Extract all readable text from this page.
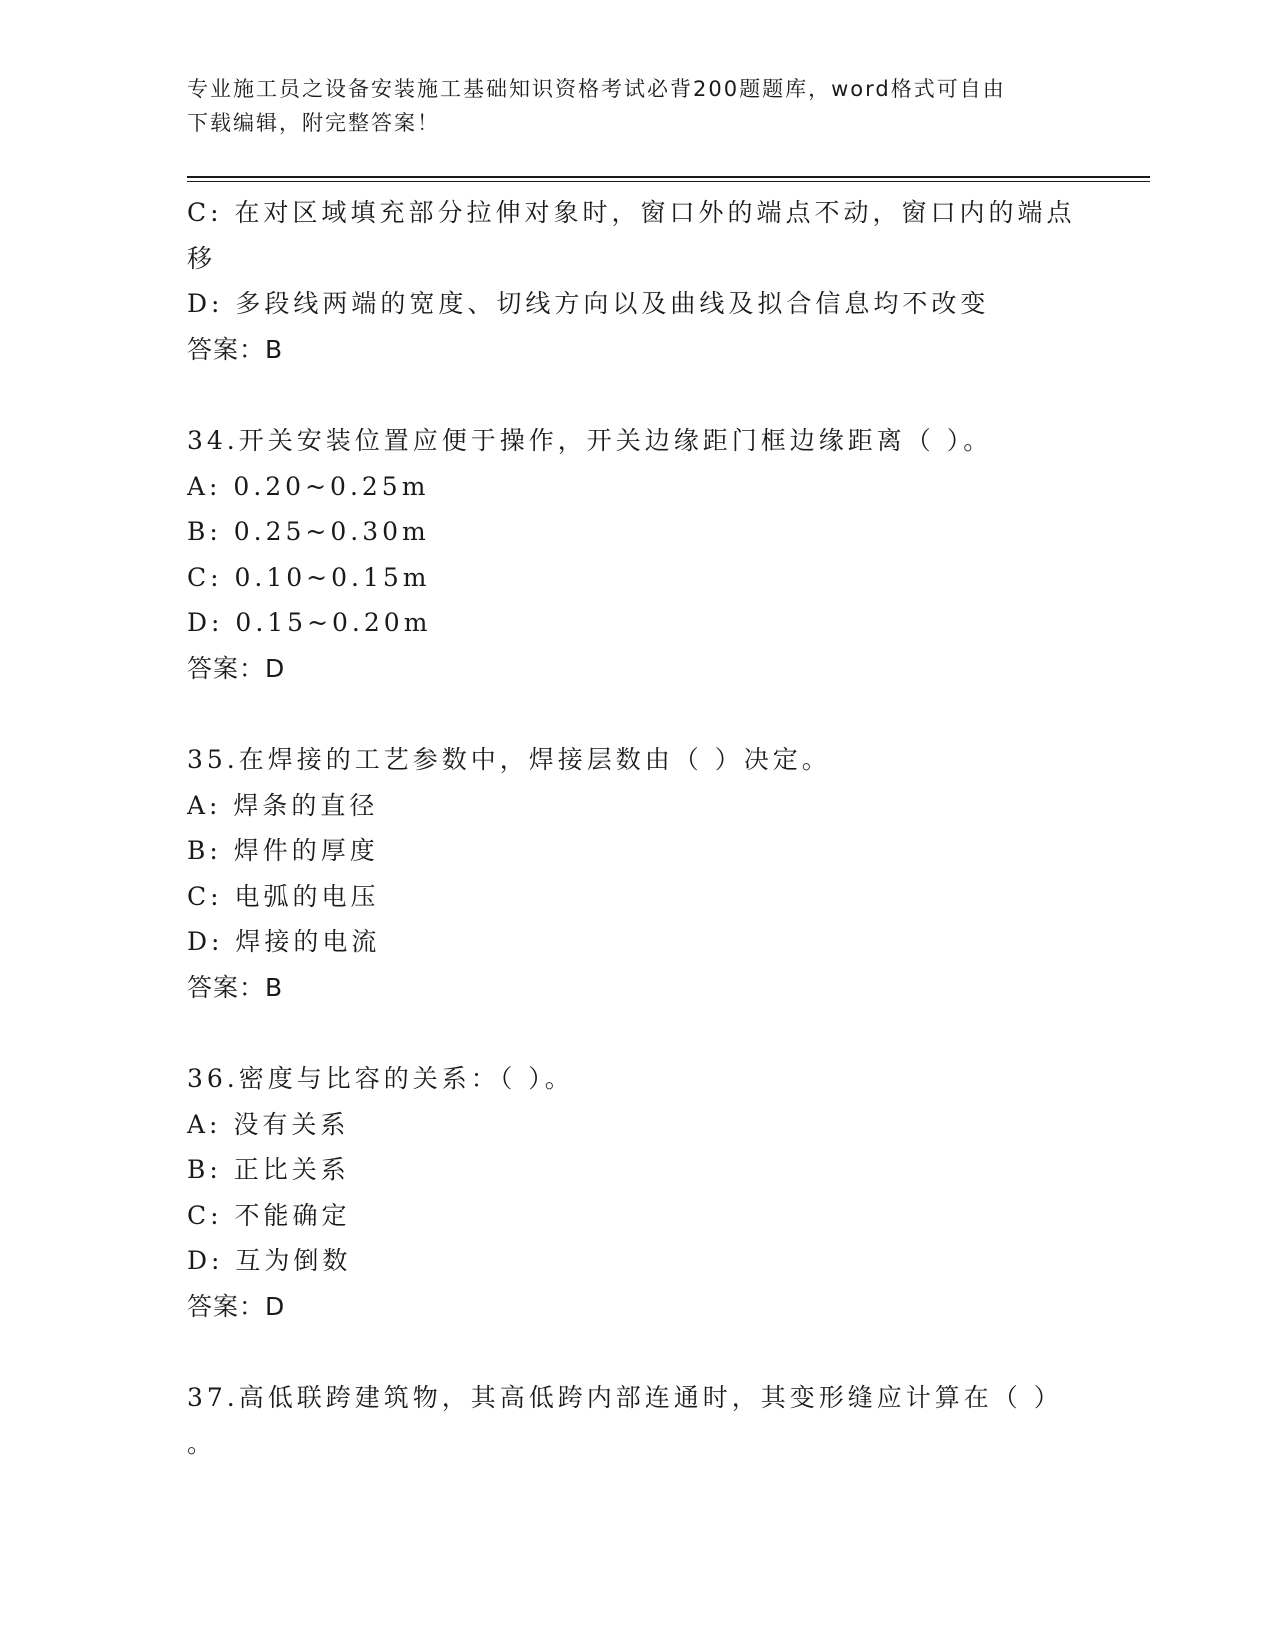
专业施工员之设备安装施工基础知识资格考试必背200题题库，word格式可自由
下载编辑，附完整答案！
C: 在对区域填充部分拉伸对象时，窗口外的端点不动，窗口内的端点
移
D: 多段线两端的宽度、切线方向以及曲线及拟合信息均不改变
答案：B
34.开关安装位置应便于操作，开关边缘距门框边缘距离（ ）。
A: 0.20~0.25m
B: 0.25~0.30m
C: 0.10~0.15m
D: 0.15~0.20m
答案：D
35.在焊接的工艺参数中，焊接层数由（ ）决定。
A: 焊条的直径
B: 焊件的厚度
C: 电弧的电压
D: 焊接的电流
答案：B
36.密度与比容的关系：（ ）。
A: 没有关系
B: 正比关系
C: 不能确定
D: 互为倒数
答案：D
37.高低联跨建筑物，其高低跨内部连通时，其变形缝应计算在（ ）
。
